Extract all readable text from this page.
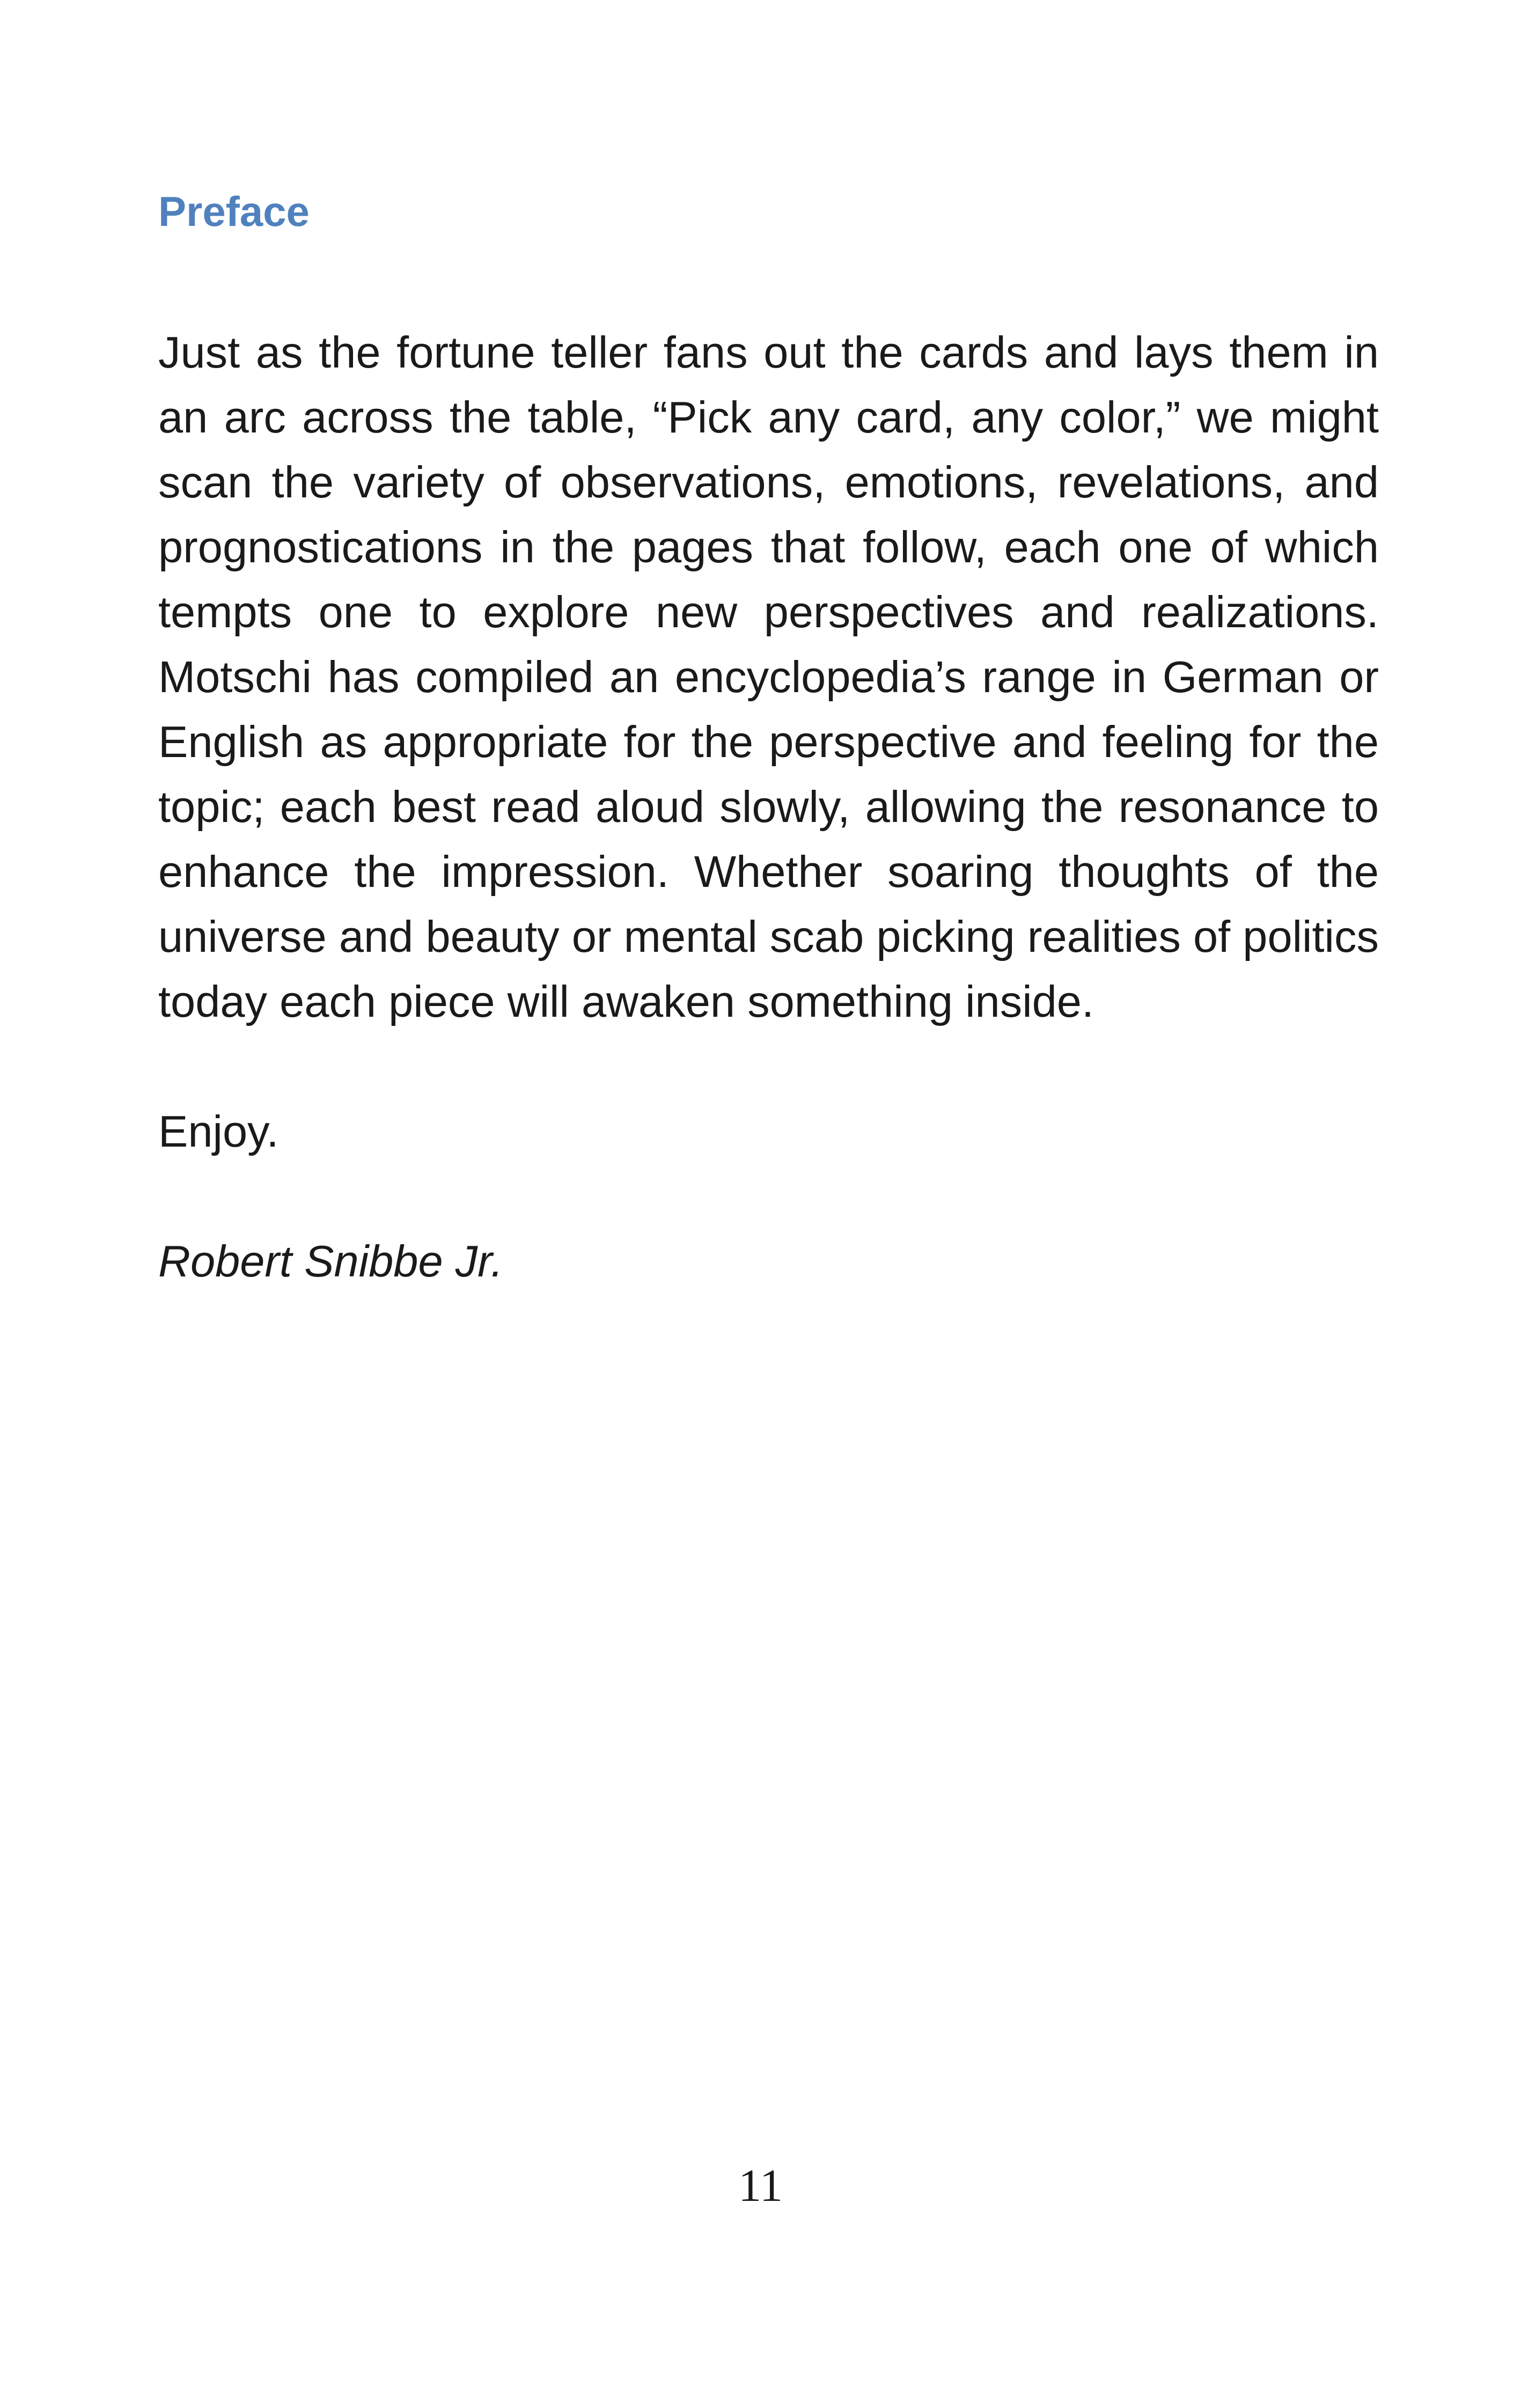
Preface

Just as the fortune teller fans out the cards and lays them in an arc across the table, “Pick any card, any color,” we might scan the variety of observations, emotions, revelations, and prognostications in the pages that follow, each one of which tempts one to explore new perspectives and realizations. Motschi has compiled an encyclopedia’s range in German or English as appropriate for the perspective and feeling for the topic; each best read aloud slowly, allowing the resonance to enhance the impression. Whether soaring thoughts of the universe and beauty or mental scab picking realities of politics today each piece will awaken something inside.

Enjoy.

Robert Snibbe Jr.

11
